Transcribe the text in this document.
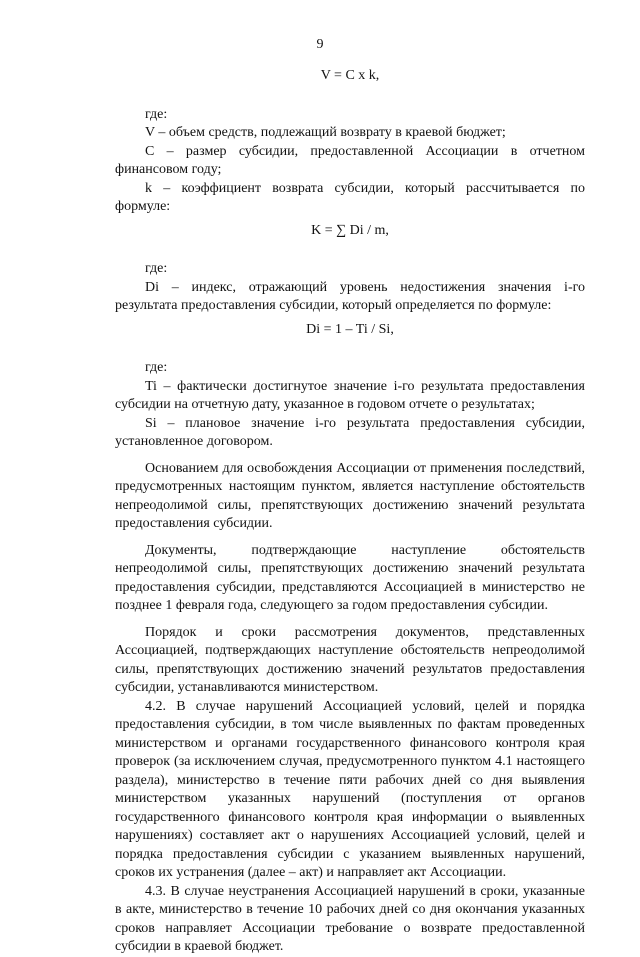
9
V = C x k,

где:

V – объем средств, подлежащий возврату в краевой бюджет;

C – размер субсидии, предоставленной Ассоциации в отчетном финансовом году;

k – коэффициент возврата субсидии, который рассчитывается по формуле:

K = ∑ Di / m,

где:

Di – индекс, отражающий уровень недостижения значения i-го результата предоставления субсидии, который определяется по формуле:

Di = 1 – Ti / Si,

где:

Ti – фактически достигнутое значение i-го результата предоставления субсидии на отчетную дату, указанное в годовом отчете о результатах;

Si – плановое значение i-го результата предоставления субсидии, установленное договором.

Основанием для освобождения Ассоциации от применения последствий, предусмотренных настоящим пунктом, является наступление обстоятельств непреодолимой силы, препятствующих достижению значений результата предоставления субсидии.

Документы, подтверждающие наступление обстоятельств непреодолимой силы, препятствующих достижению значений результата предоставления субсидии, представляются Ассоциацией в министерство не позднее 1 февраля года, следующего за годом предоставления субсидии.

Порядок и сроки рассмотрения документов, представленных Ассоциацией, подтверждающих наступление обстоятельств непреодолимой силы, препятствующих достижению значений результатов предоставления субсидии, устанавливаются министерством.

4.2. В случае нарушений Ассоциацией условий, целей и порядка предоставления субсидии, в том числе выявленных по фактам проведенных министерством и органами государственного финансового контроля края проверок (за исключением случая, предусмотренного пунктом 4.1 настоящего раздела), министерство в течение пяти рабочих дней со дня выявления министерством указанных нарушений (поступления от органов государственного финансового контроля края информации о выявленных нарушениях) составляет акт о нарушениях Ассоциацией условий, целей и порядка предоставления субсидии с указанием выявленных нарушений, сроков их устранения (далее – акт) и направляет акт Ассоциации.

4.3. В случае неустранения Ассоциацией нарушений в сроки, указанные в акте, министерство в течение 10 рабочих дней со дня окончания указанных сроков направляет Ассоциации требование о возврате предоставленной субсидии в краевой бюджет.
